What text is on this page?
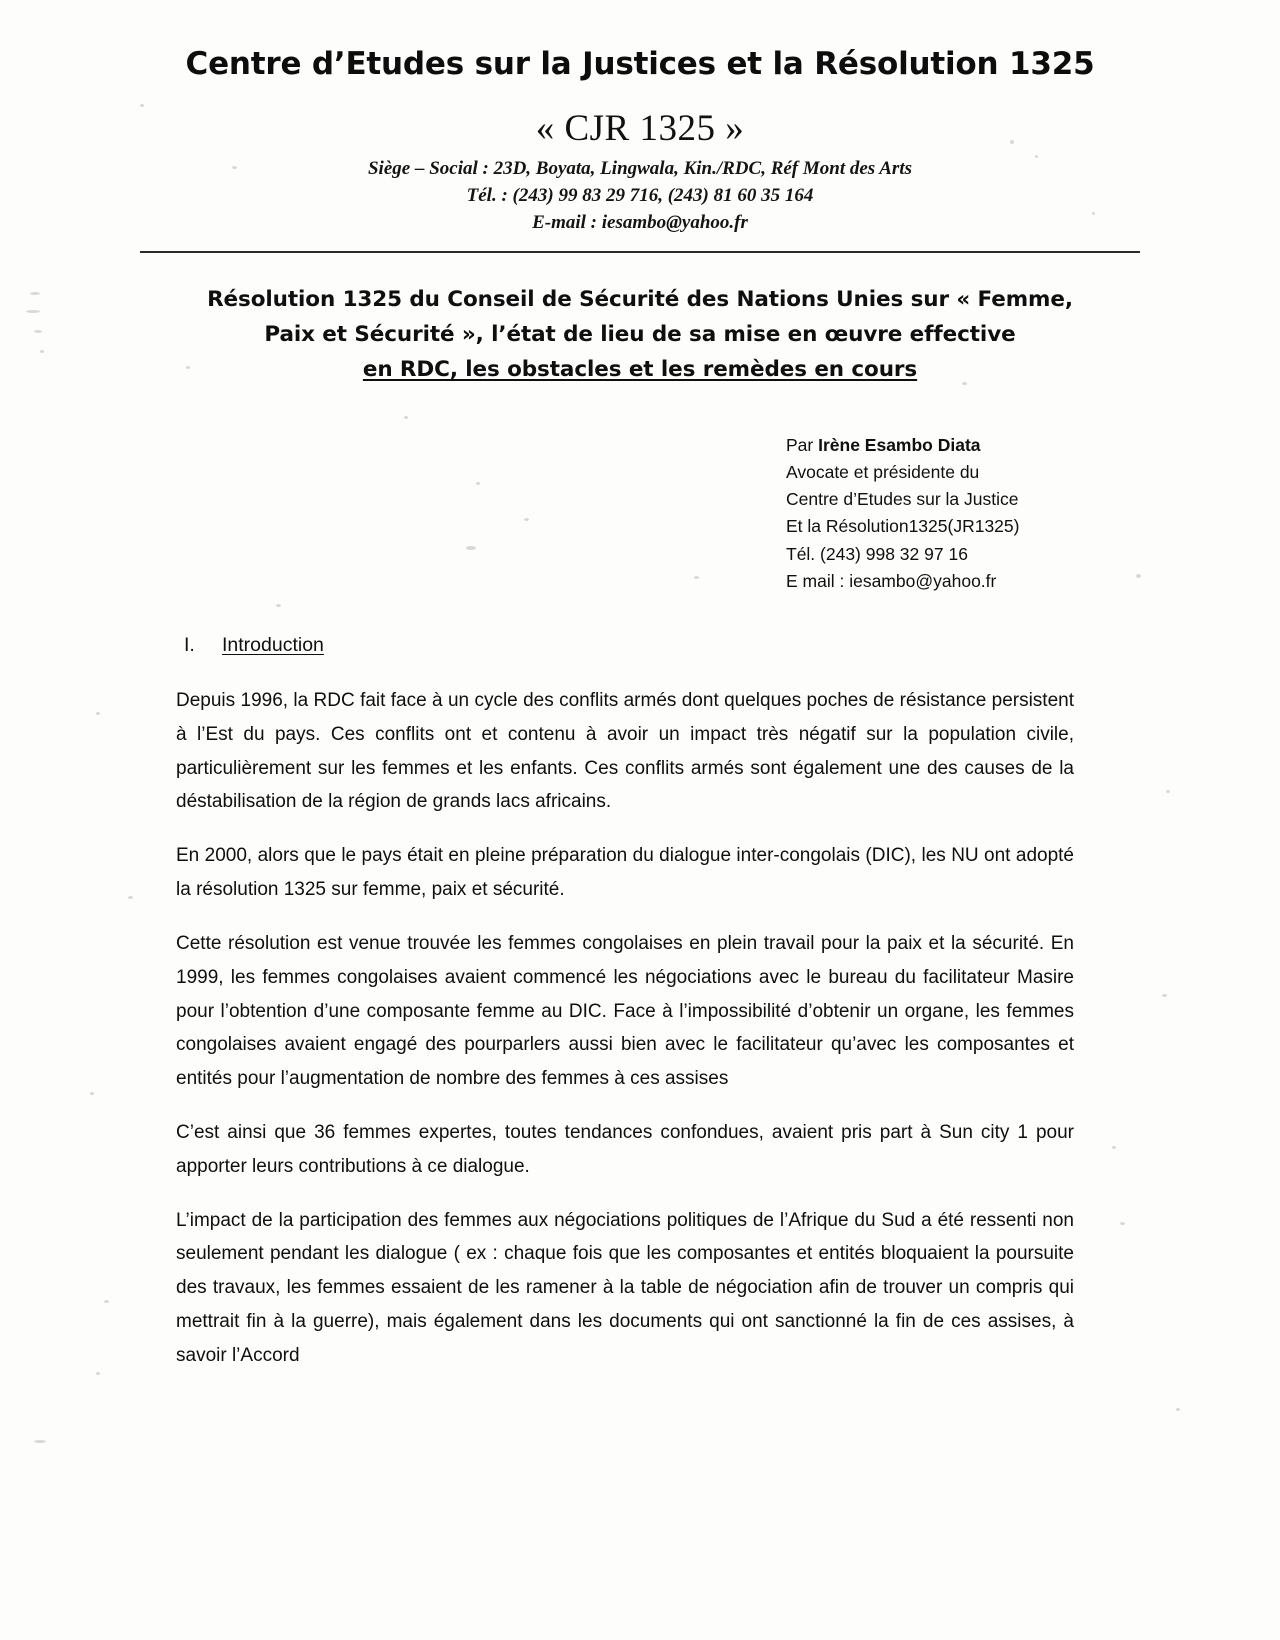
Centre d’Etudes sur la Justices et la Résolution 1325
« CJR 1325 »
Siège – Social : 23D, Boyata, Lingwala, Kin./RDC, Réf Mont des Arts
Tél. : (243) 99 83 29 716, (243) 81 60 35 164
E-mail : iesambo@yahoo.fr
Résolution 1325 du Conseil de Sécurité des Nations Unies sur « Femme,
Paix et Sécurité », l’état de lieu de sa mise en œuvre effective
en RDC, les obstacles et les remèdes en cours
Par Irène Esambo Diata
Avocate et présidente du
Centre d’Etudes sur la Justice
Et la Résolution1325(JR1325)
Tél. (243) 998 32 97 16
E mail : iesambo@yahoo.fr
I. Introduction

Depuis 1996, la RDC fait face à un cycle des conflits armés dont quelques poches de résistance persistent à l’Est du pays. Ces conflits ont et contenu à avoir un impact très négatif sur la population civile, particulièrement sur les femmes et les enfants. Ces conflits armés sont également une des causes de la déstabilisation de la région de grands lacs africains.

En 2000, alors que le pays était en pleine préparation du dialogue inter-congolais (DIC), les NU ont adopté la résolution 1325 sur femme, paix et sécurité.

Cette résolution est venue trouvée les femmes congolaises en plein travail pour la paix et la sécurité. En 1999, les femmes congolaises avaient commencé les négociations avec le bureau du facilitateur Masire pour l’obtention d’une composante femme au DIC. Face à l’impossibilité d’obtenir un organe, les femmes congolaises avaient engagé des pourparlers aussi bien avec le facilitateur qu’avec les composantes et entités pour l’augmentation de nombre des femmes à ces assises

C’est ainsi que 36 femmes expertes, toutes tendances confondues, avaient pris part à Sun city 1 pour apporter leurs contributions à ce dialogue.

L’impact de la participation des femmes aux négociations politiques de l’Afrique du Sud a été ressenti non seulement pendant les dialogue ( ex : chaque fois que les composantes et entités bloquaient la poursuite des travaux, les femmes essaient de les ramener à la table de négociation afin de trouver un compris qui mettrait fin à la guerre), mais également dans les documents qui ont sanctionné la fin de ces assises, à savoir l’Accord
